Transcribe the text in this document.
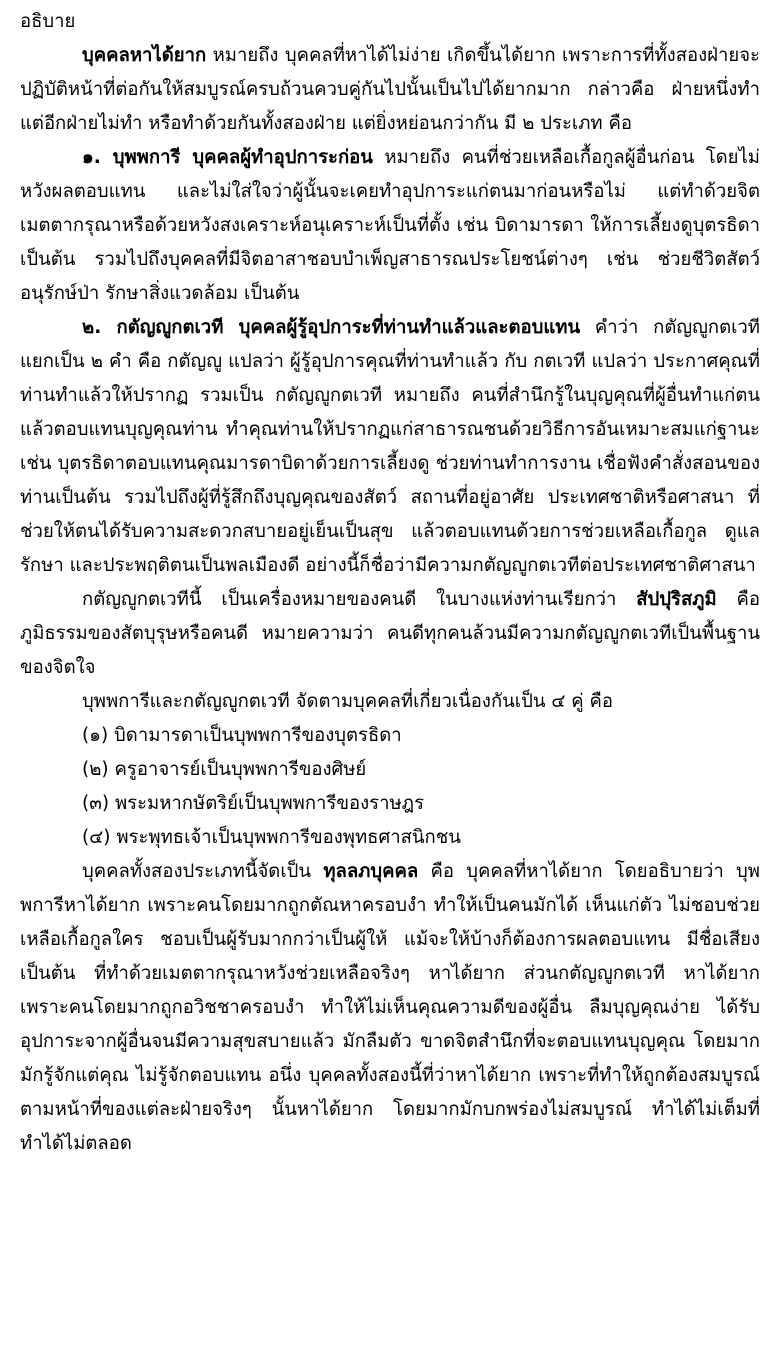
อธิบาย

บุคคลหาได้ยาก หมายถึง บุคคลที่หาได้ไม่ง่าย เกิดขึ้นได้ยาก เพราะการที่ทั้งสองฝ่ายจะปฏิบัติหน้าที่ต่อกันให้สมบูรณ์ครบถ้วนควบคู่กันไปนั้นเป็นไปได้ยากมาก กล่าวคือ ฝ่ายหนึ่งทำ แต่อีกฝ่ายไม่ทำ หรือทำด้วยกันทั้งสองฝ่าย แต่ยิ่งหย่อนกว่ากัน มี ๒ ประเภท คือ

๑. บุพพการี บุคคลผู้ทำอุปการะก่อน หมายถึง คนที่ช่วยเหลือเกื้อกูลผู้อื่นก่อน โดยไม่หวังผลตอบแทน และไม่ใส่ใจว่าผู้นั้นจะเคยทำอุปการะแก่ตนมาก่อนหรือไม่ แต่ทำด้วยจิตเมตตากรุณาหรือด้วยหวังสงเคราะห์อนุเคราะห์เป็นที่ตั้ง เช่น บิดามารดา ให้การเลี้ยงดูบุตรธิดา เป็นต้น รวมไปถึงบุคคลที่มีจิตอาสาชอบบำเพ็ญสาธารณประโยชน์ต่างๆ เช่น ช่วยชีวิตสัตว์ อนุรักษ์ป่า รักษาสิ่งแวดล้อม เป็นต้น

๒. กตัญญูกตเวที บุคคลผู้รู้อุปการะที่ท่านทำแล้วและตอบแทน คำว่า กตัญญูกตเวที แยกเป็น ๒ คำ คือ กตัญญู แปลว่า ผู้รู้อุปการคุณที่ท่านทำแล้ว กับ กตเวที แปลว่า ประกาศคุณที่ท่านทำแล้วให้ปรากฏ รวมเป็น กตัญญูกตเวที หมายถึง คนที่สำนึกรู้ในบุญคุณที่ผู้อื่นทำแก่ตนแล้วตอบแทนบุญคุณท่าน ทำคุณท่านให้ปรากฏแก่สาธารณชนด้วยวิธีการอันเหมาะสมแก่ฐานะ เช่น บุตรธิดาตอบแทนคุณมารดาบิดาด้วยการเลี้ยงดู ช่วยท่านทำการงาน เชื่อฟังคำสั่งสอนของท่านเป็นต้น รวมไปถึงผู้ที่รู้สึกถึงบุญคุณของสัตว์ สถานที่อยู่อาศัย ประเทศชาติหรือศาสนา ที่ช่วยให้ตนได้รับความสะดวกสบายอยู่เย็นเป็นสุข แล้วตอบแทนด้วยการช่วยเหลือเกื้อกูล ดูแลรักษา และประพฤติตนเป็นพลเมืองดี อย่างนี้ก็ชื่อว่ามีความกตัญญูกตเวทีต่อประเทศชาติศาสนา

กตัญญูกตเวทีนี้ เป็นเครื่องหมายของคนดี ในบางแห่งท่านเรียกว่า สัปปุริสภูมิ คือภูมิธรรมของสัตบุรุษหรือคนดี หมายความว่า คนดีทุกคนล้วนมีความกตัญญูกตเวทีเป็นพื้นฐานของจิตใจ

บุพพการีและกตัญญูกตเวที จัดตามบุคคลที่เกี่ยวเนื่องกันเป็น ๔ คู่ คือ

(๑) บิดามารดาเป็นบุพพการีของบุตรธิดา

(๒) ครูอาจารย์เป็นบุพพการีของศิษย์

(๓) พระมหากษัตริย์เป็นบุพพการีของราษฎร

(๔) พระพุทธเจ้าเป็นบุพพการีของพุทธศาสนิกชน

บุคคลทั้งสองประเภทนี้จัดเป็น ทุลลภบุคคล คือ บุคคลที่หาได้ยาก โดยอธิบายว่า บุพพการีหาได้ยาก เพราะคนโดยมากถูกตัณหาครอบงำ ทำให้เป็นคนมักได้ เห็นแก่ตัว ไม่ชอบช่วยเหลือเกื้อกูลใคร ชอบเป็นผู้รับมากกว่าเป็นผู้ให้ แม้จะให้บ้างก็ต้องการผลตอบแทน มีชื่อเสียง เป็นต้น ที่ทำด้วยเมตตากรุณาหวังช่วยเหลือจริงๆ หาได้ยาก ส่วนกตัญญูกตเวที หาได้ยาก เพราะคนโดยมากถูกอวิชชาครอบงำ ทำให้ไม่เห็นคุณความดีของผู้อื่น ลืมบุญคุณง่าย ได้รับอุปการะจากผู้อื่นจนมีความสุขสบายแล้ว มักลืมตัว ขาดจิตสำนึกที่จะตอบแทนบุญคุณ โดยมากมักรู้จักแต่คุณ ไม่รู้จักตอบแทน อนึ่ง บุคคลทั้งสองนี้ที่ว่าหาได้ยาก เพราะที่ทำให้ถูกต้องสมบูรณ์ตามหน้าที่ของแต่ละฝ่ายจริงๆ นั้นหาได้ยาก โดยมากมักบกพร่องไม่สมบูรณ์ ทำได้ไม่เต็มที่ ทำได้ไม่ตลอด
